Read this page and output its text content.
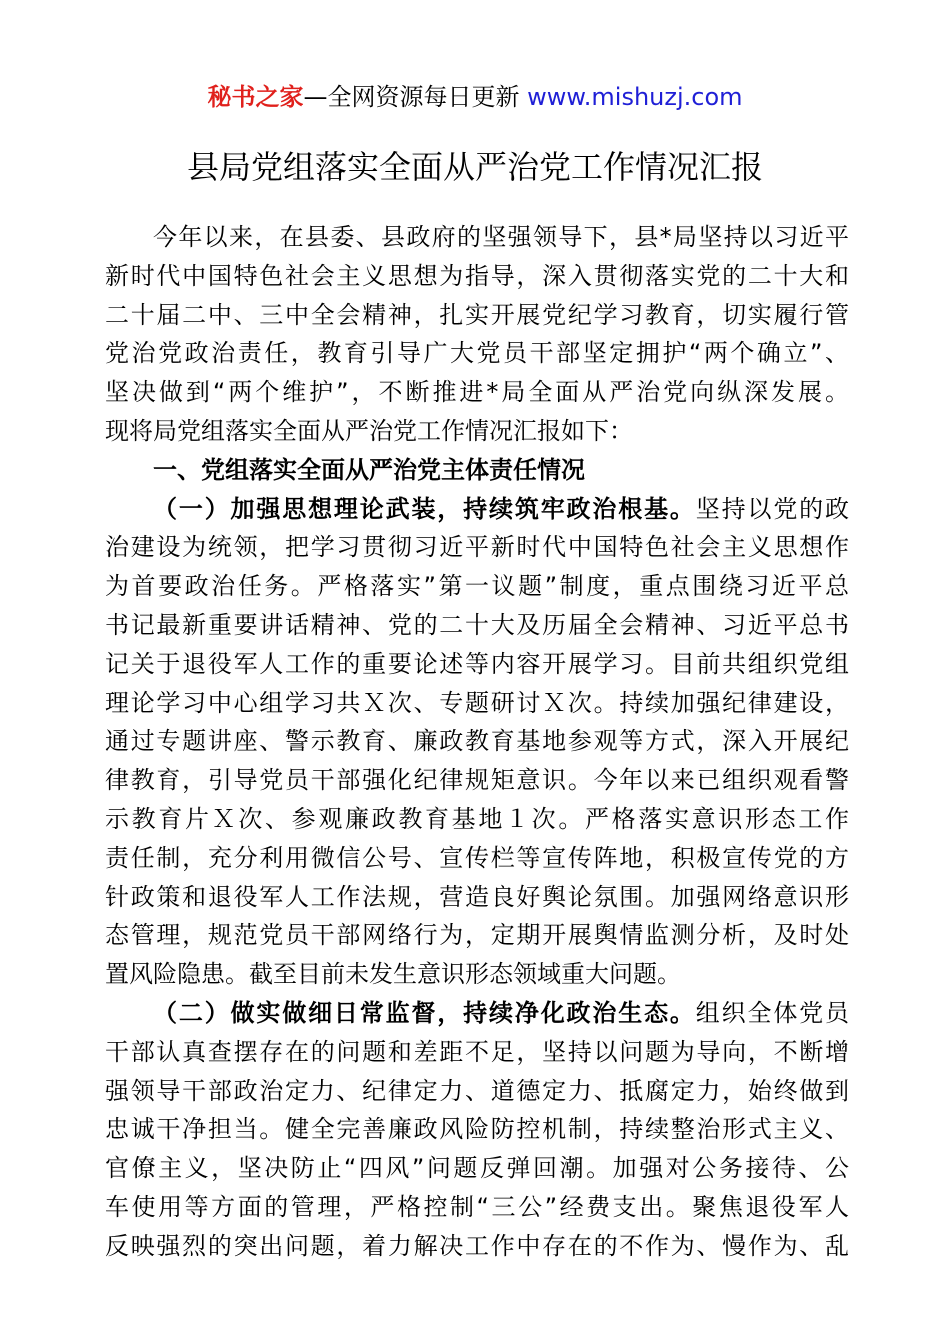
秘书之家—全网资源每日更新 www.mishuzj.com
县局党组落实全面从严治党工作情况汇报
今年以来，在县委、县政府的坚强领导下，县*局坚持以习近平
新时代中国特色社会主义思想为指导，深入贯彻落实党的二十大和
二十届二中、三中全会精神，扎实开展党纪学习教育，切实履行管
党治党政治责任，教育引导广大党员干部坚定拥护“两个确立”、
坚决做到“两个维护”，不断推进*局全面从严治党向纵深发展。
现将局党组落实全面从严治党工作情况汇报如下：
一、党组落实全面从严治党主体责任情况
（一）加强思想理论武装，持续筑牢政治根基。坚持以党的政
治建设为统领，把学习贯彻习近平新时代中国特色社会主义思想作
为首要政治任务。严格落实”第一议题”制度，重点围绕习近平总
书记最新重要讲话精神、党的二十大及历届全会精神、习近平总书
记关于退役军人工作的重要论述等内容开展学习。目前共组织党组
理论学习中心组学习共Ｘ次、专题研讨Ｘ次。持续加强纪律建设，
通过专题讲座、警示教育、廉政教育基地参观等方式，深入开展纪
律教育，引导党员干部强化纪律规矩意识。今年以来已组织观看警
示教育片Ｘ次、参观廉政教育基地１次。严格落实意识形态工作
责任制，充分利用微信公号、宣传栏等宣传阵地，积极宣传党的方
针政策和退役军人工作法规，营造良好舆论氛围。加强网络意识形
态管理，规范党员干部网络行为，定期开展舆情监测分析，及时处
置风险隐患。截至目前未发生意识形态领域重大问题。
（二）做实做细日常监督，持续净化政治生态。组织全体党员
干部认真查摆存在的问题和差距不足，坚持以问题为导向，不断增
强领导干部政治定力、纪律定力、道德定力、抵腐定力，始终做到
忠诚干净担当。健全完善廉政风险防控机制，持续整治形式主义、
官僚主义，坚决防止“四风”问题反弹回潮。加强对公务接待、公
车使用等方面的管理，严格控制“三公”经费支出。聚焦退役军人
反映强烈的突出问题，着力解决工作中存在的不作为、慢作为、乱
